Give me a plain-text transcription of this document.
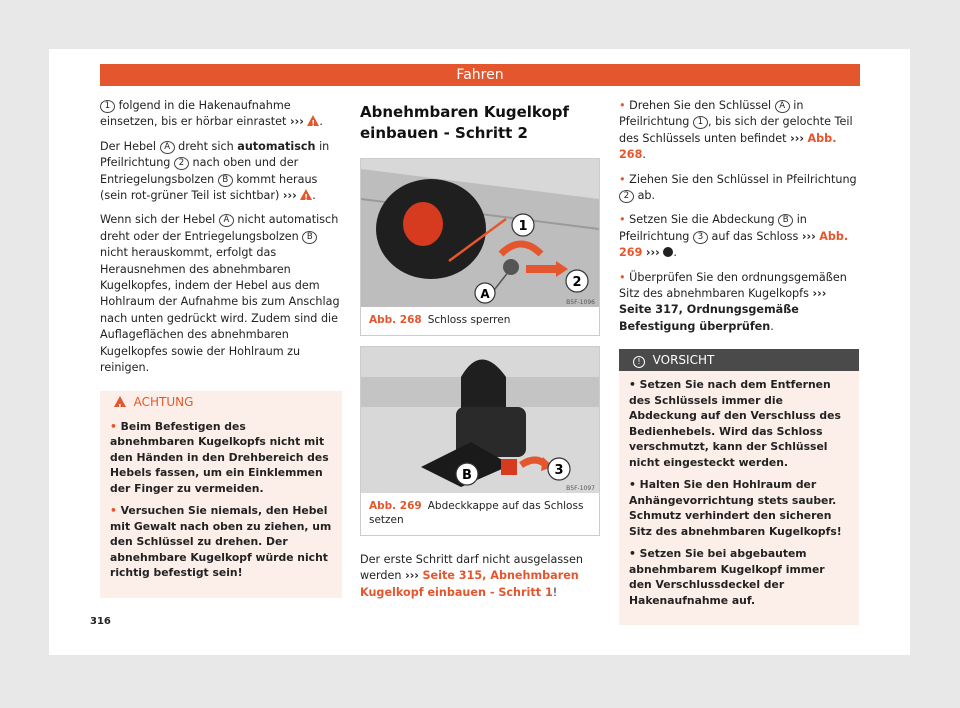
Fahren

1 folgend in die Hakenaufnahme einsetzen, bis er hörbar einrastet ››› ! .

Der Hebel A dreht sich automatisch in Pfeilrichtung 2 nach oben und der Entriegelungsbolzen B kommt heraus (sein rot-grüner Teil ist sichtbar) ››› ! .

Wenn sich der Hebel A nicht automatisch dreht oder der Entriegelungsbolzen B nicht herauskommt, erfolgt das Herausnehmen des abnehmbaren Kugelkopfes, indem der Hebel aus dem Hohlraum der Aufnahme bis zum Anschlag nach unten gedrückt wird. Zudem sind die Auflageflächen des abnehmbaren Kugelkopfes sowie der Hohlraum zu reinigen.

!  ACHTUNG

• Beim Befestigen des abnehmbaren Kugelkopfs nicht mit den Händen in den Drehbereich des Hebels fassen, um ein Einklemmen der Finger zu vermeiden.

• Versuchen Sie niemals, den Hebel mit Gewalt nach oben zu ziehen, um den Schlüssel zu drehen. Der abnehmbare Kugelkopf würde nicht richtig befestigt sein!

Abnehmbaren Kugelkopf einbauen - Schritt 2
1
2
A
B5F-1096
Abb. 268 Schloss sperren
B	3
B5F-1097
Abb. 269 Abdeckkappe auf das Schloss setzen

Der erste Schritt darf nicht ausgelassen werden ››› Seite 315, Abnehmbaren Kugelkopf einbauen - Schritt 1!

• Drehen Sie den Schlüssel A in Pfeilrichtung 1 , bis sich der gelochte Teil des Schlüssels unten befindet ››› Abb. 268.

• Ziehen Sie den Schlüssel in Pfeilrichtung 2 ab.

• Setzen Sie die Abdeckung B in Pfeilrichtung 3 auf das Schloss ››› Abb. 269 ››› .

• Überprüfen Sie den ordnungsgemäßen Sitz des abnehmbaren Kugelkopfs ››› Seite 317, Ordnungsgemäße Befestigung überprüfen.

! VORSICHT

• Setzen Sie nach dem Entfernen des Schlüssels immer die Abdeckung auf den Verschluss des Bedienhebels. Wird das Schloss verschmutzt, kann der Schlüssel nicht eingesteckt werden.

• Halten Sie den Hohlraum der Anhängevorrichtung stets sauber. Schmutz verhindert den sicheren Sitz des abnehmbaren Kugelkopfs!

• Setzen Sie bei abgebautem abnehmbarem Kugelkopf immer den Verschlussdeckel der Hakenaufnahme auf.

316
